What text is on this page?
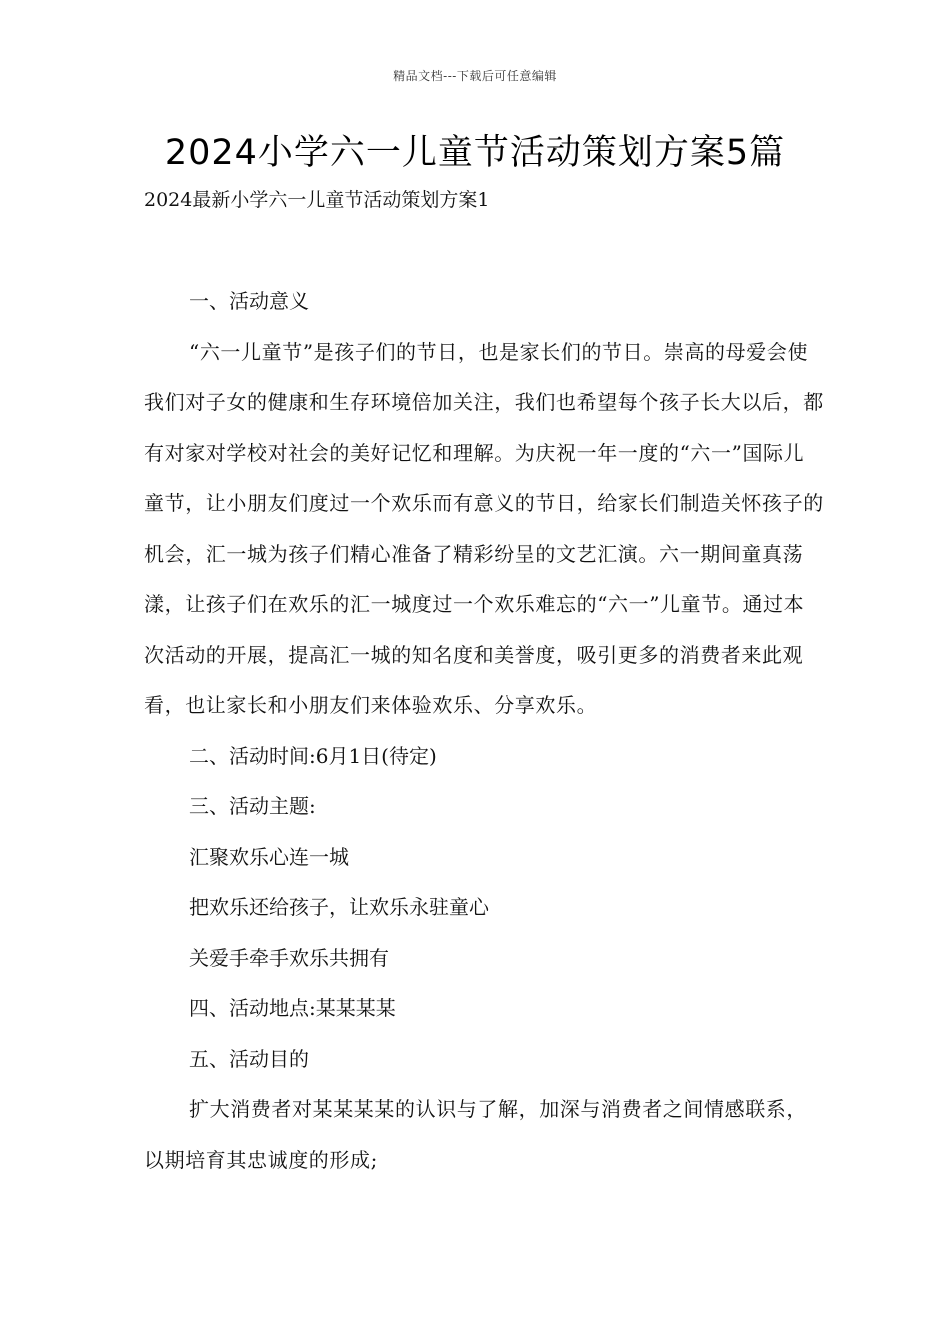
精品文档---下载后可任意编辑
2024小学六一儿童节活动策划方案5篇
2024最新小学六一儿童节活动策划方案1

一、活动意义

“六一儿童节”是孩子们的节日，也是家长们的节日。崇高的母爱会使我们对子女的健康和生存环境倍加关注，我们也希望每个孩子长大以后，都有对家对学校对社会的美好记忆和理解。为庆祝一年一度的“六一”国际儿童节，让小朋友们度过一个欢乐而有意义的节日，给家长们制造关怀孩子的机会，汇一城为孩子们精心准备了精彩纷呈的文艺汇演。六一期间童真荡漾，让孩子们在欢乐的汇一城度过一个欢乐难忘的“六一”儿童节。通过本次活动的开展，提高汇一城的知名度和美誉度，吸引更多的消费者来此观看，也让家长和小朋友们来体验欢乐、分享欢乐。

二、活动时间:6月1日(待定)

三、活动主题:

汇聚欢乐心连一城

把欢乐还给孩子，让欢乐永驻童心

关爱手牵手欢乐共拥有

四、活动地点:某某某某

五、活动目的

扩大消费者对某某某某的认识与了解，加深与消费者之间情感联系，以期培育其忠诚度的形成;
